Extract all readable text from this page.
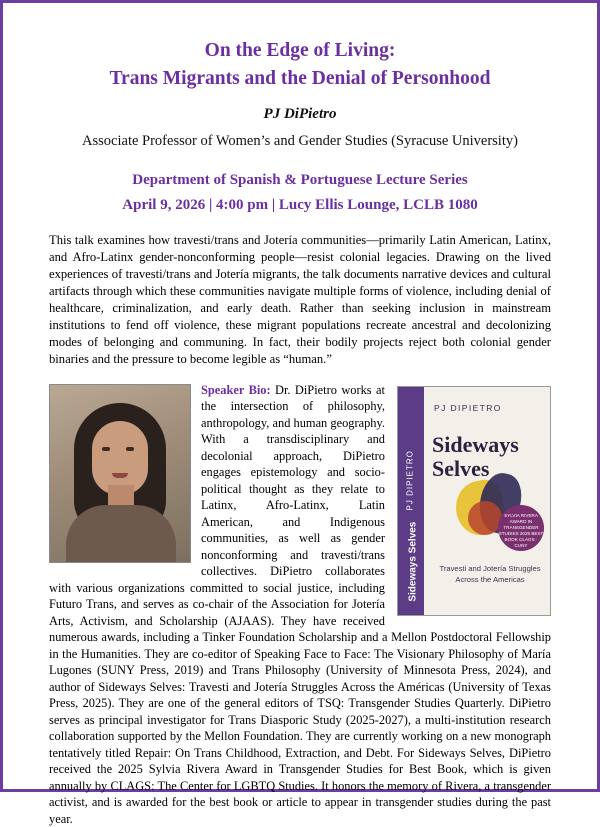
On the Edge of Living:
Trans Migrants and the Denial of Personhood
PJ DiPietro
Associate Professor of Women’s and Gender Studies (Syracuse University)
Department of Spanish & Portuguese Lecture Series
April 9, 2026 | 4:00 pm | Lucy Ellis Lounge, LCLB 1080
This talk examines how travesti/trans and Jotería communities—primarily Latin American, Latinx, and Afro-Latinx gender-nonconforming people—resist colonial legacies. Drawing on the lived experiences of travesti/trans and Jotería migrants, the talk documents narrative devices and cultural artifacts through which these communities navigate multiple forms of violence, including denial of healthcare, criminalization, and early death. Rather than seeking inclusion in mainstream institutions to fend off violence, these migrant populations recreate ancestral and decolonizing modes of belonging and communing. In fact, their bodily projects reject both colonial gender binaries and the pressure to become legible as “human.”
PJ DIPIETRO
Sideways Selves
PJ DIPIETRO
Sideways
Selves
SYLVIA RIVERA AWARD IN TRANSGENDER STUDIES 2025 BEST BOOK CLAGS · CUNY
Travesti and Jotería Struggles Across the Americas
Speaker Bio: Dr. DiPietro works at the intersection of philosophy, anthropology, and human geography. With a transdisciplinary and decolonial approach, DiPietro engages epistemology and socio-political thought as they relate to Latinx, Afro-Latinx, Latin American, and Indigenous communities, as well as gender nonconforming and travesti/trans collectives. DiPietro collaborates with various organizations committed to social justice, including Futuro Trans, and serves as co-chair of the Association for Jotería Arts, Activism, and Scholarship (AJAAS). They have received numerous awards, including a Tinker Foundation Scholarship and a Mellon Postdoctoral Fellowship in the Humanities. They are co-editor of Speaking Face to Face: The Visionary Philosophy of María Lugones (SUNY Press, 2019) and Trans Philosophy (University of Minnesota Press, 2024), and author of Sideways Selves: Travesti and Jotería Struggles Across the Américas (University of Texas Press, 2025). They are one of the general editors of TSQ: Transgender Studies Quarterly. DiPietro serves as principal investigator for Trans Diasporic Study (2025-2027), a multi-institution research collaboration supported by the Mellon Foundation. They are currently working on a new monograph tentatively titled Repair: On Trans Childhood, Extraction, and Debt. For Sideways Selves, DiPietro received the 2025 Sylvia Rivera Award in Transgender Studies for Best Book, which is given annually by CLAGS: The Center for LGBTQ Studies. It honors the memory of Rivera, a transgender activist, and is awarded for the best book or article to appear in transgender studies during the past year.
